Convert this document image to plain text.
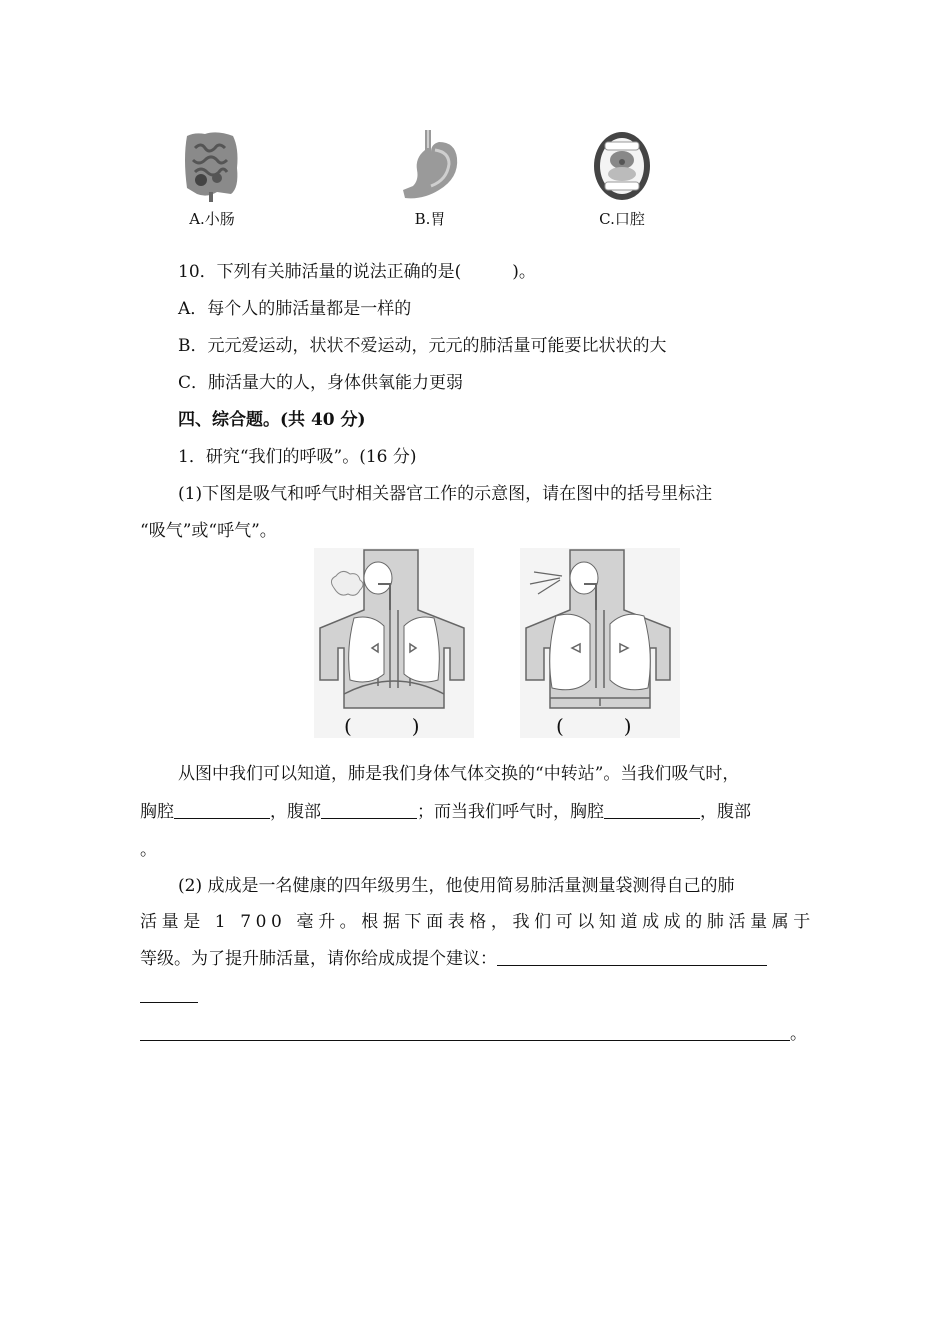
A.小肠	B.胃	C.口腔
10．下列有关肺活量的说法正确的是(　　　)。
A．每个人的肺活量都是一样的
B．元元爱运动，状状不爱运动，元元的肺活量可能要比状状的大
C．肺活量大的人，身体供氧能力更弱
四、综合题。(共 40 分)
1．研究“我们的呼吸”。(16 分)
(1)下图是吸气和呼气时相关器官工作的示意图，请在图中的括号里标注
“吸气”或“呼气”。
(　　　)	(　　　)
从图中我们可以知道，肺是我们身体气体交换的“中转站”。当我们吸气时，
胸腔	，腹部	；而当我们呼气时，胸腔	，腹部
。
(2) 成成是一名健康的四年级男生，他使用简易肺活量测量袋测得自己的肺
活量是 1 700 毫升。根据下面表格，我们可以知道成成的肺活量属于
等级。为了提升肺活量，请你给成成提个建议：
。
